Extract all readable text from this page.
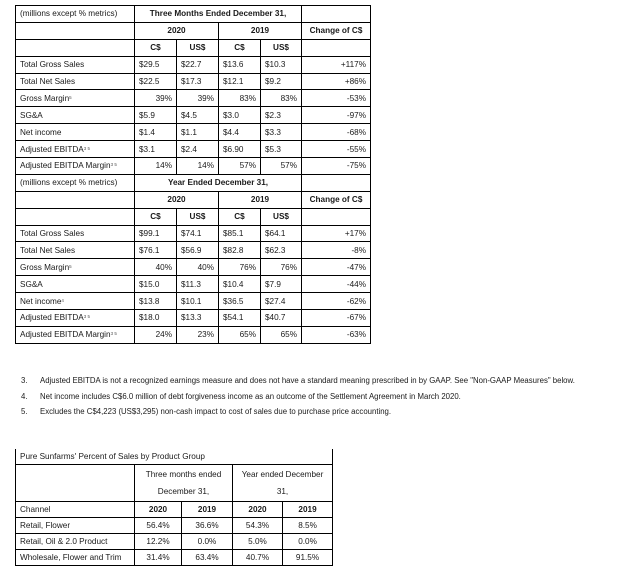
(millions except % metrics)	Three Months Ended December 31,				
	2020		2019		Change of C$
	C$	US$	C$	US$	
Total Gross Sales	$29.5	$22.7	$13.6	$10.3	+117%
Total Net Sales	$22.5	$17.3	$12.1	$9.2	+86%
Gross Margin$^5$	39%	39%	83%	83%	-53%
SG&A	$5.9	$4.5	$3.0	$2.3	-97%
Net income	$1.4	$1.1	$4.4	$3.3	-68%
Adjusted $EBITDA^{3 5}$	$3.1	$2.4	$6.90	$5.3	-55%
Adjusted EBITDA Margin$^{3 5}$	14%	14%	57%	57%	-75%
(millions except % metrics)	Year Ended December 31,				
	2020		2019		Change of C$
	C$	US$	C$	US$	
Total Gross Sales	$99.1	$74.1	$85.1	$64.1	+17%
Total Net Sales	$76.1	$56.9	$82.8	$62.3	-8%
Gross Margin$^5$	40%	40%	76%	76%	-47%
SG&A	$15.0	$11.3	$10.4	$7.9	-44%
Net income$^4$	$13.8	$10.1	$36.5	$27.4	-62%
Adjusted $EBITDA^{3 5}$	$18.0	$13.3	$54.1	$40.7	-67%
Adjusted EBITDA Margin$^{3 5}$	24%	23%	65%	65%	-63%
3.	Adjusted EBITDA is not a recognized earnings measure and does not have a standard meaning prescribed in by GAAP. See "Non-GAAP Measures" below.
4.	Net income includes C$6.0 million of debt forgiveness income as an outcome of the Settlement Agreement in March 2020.
5.	Excludes the C$4,223 (US$3,295) non-cash impact to cost of sales due to purchase price accounting.
Pure Sunfarms' Percent of Sales by Product Group				
	Three months ended December 31,		Year ended December 31,	
Channel	2020	2019	2020	2019
Retail, Flower	56.4%	36.6%	54.3%	8.5%
Retail, Oil & 2.0 Product	12.2%	0.0%	5.0%	0.0%
Wholesale, Flower and Trim	31.4%	63.4%	40.7%	91.5%
